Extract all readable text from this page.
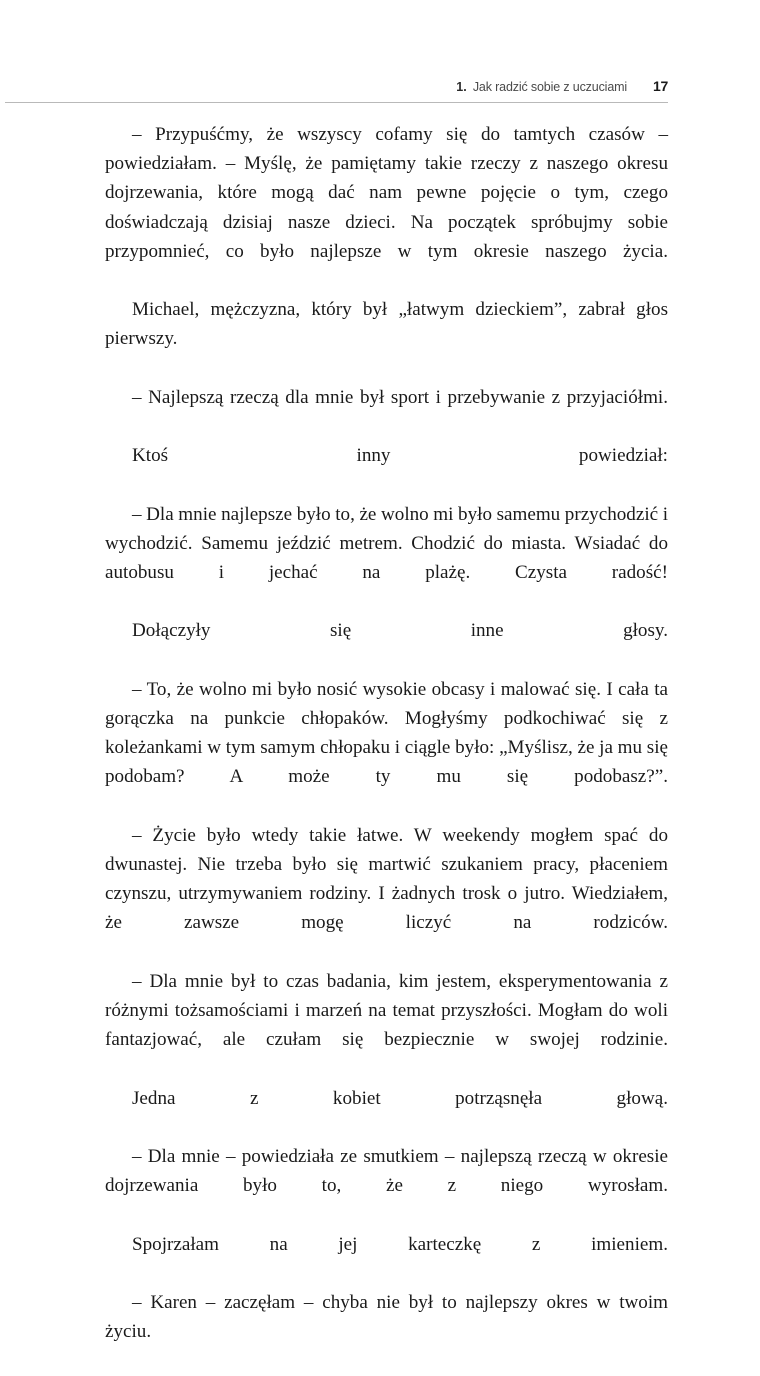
1. Jak radzić sobie z uczuciami 17

– Przypuśćmy, że wszyscy cofamy się do tamtych czasów – powiedziałam. – Myślę, że pamiętamy takie rzeczy z naszego okresu dojrzewania, które mogą dać nam pewne pojęcie o tym, czego doświadczają dzisiaj nasze dzieci. Na początek spróbujmy sobie przypomnieć, co było najlepsze w tym okresie naszego życia.

Michael, mężczyzna, który był „łatwym dzieckiem”, zabrał głos pierwszy.

– Najlepszą rzeczą dla mnie był sport i przebywanie z przyjaciółmi.

Ktoś inny powiedział:

– Dla mnie najlepsze było to, że wolno mi było samemu przychodzić i wychodzić. Samemu jeździć metrem. Chodzić do miasta. Wsiadać do autobusu i jechać na plażę. Czysta radość!

Dołączyły się inne głosy.

– To, że wolno mi było nosić wysokie obcasy i malować się. I cała ta gorączka na punkcie chłopaków. Mogłyśmy podkochiwać się z koleżankami w tym samym chłopaku i ciągle było: „Myślisz, że ja mu się podobam? A może ty mu się podobasz?”.

– Życie było wtedy takie łatwe. W weekendy mogłem spać do dwunastej. Nie trzeba było się martwić szukaniem pracy, płaceniem czynszu, utrzymywaniem rodziny. I żadnych trosk o jutro. Wiedziałem, że zawsze mogę liczyć na rodziców.

– Dla mnie był to czas badania, kim jestem, eksperymentowania z różnymi tożsamościami i marzeń na temat przyszłości. Mogłam do woli fantazjować, ale czułam się bezpiecznie w swojej rodzinie.

Jedna z kobiet potrząsnęła głową.

– Dla mnie – powiedziała ze smutkiem – najlepszą rzeczą w okresie dojrzewania było to, że z niego wyrosłam.

Spojrzałam na jej karteczkę z imieniem.

– Karen – zaczęłam – chyba nie był to najlepszy okres w twoim życiu.
